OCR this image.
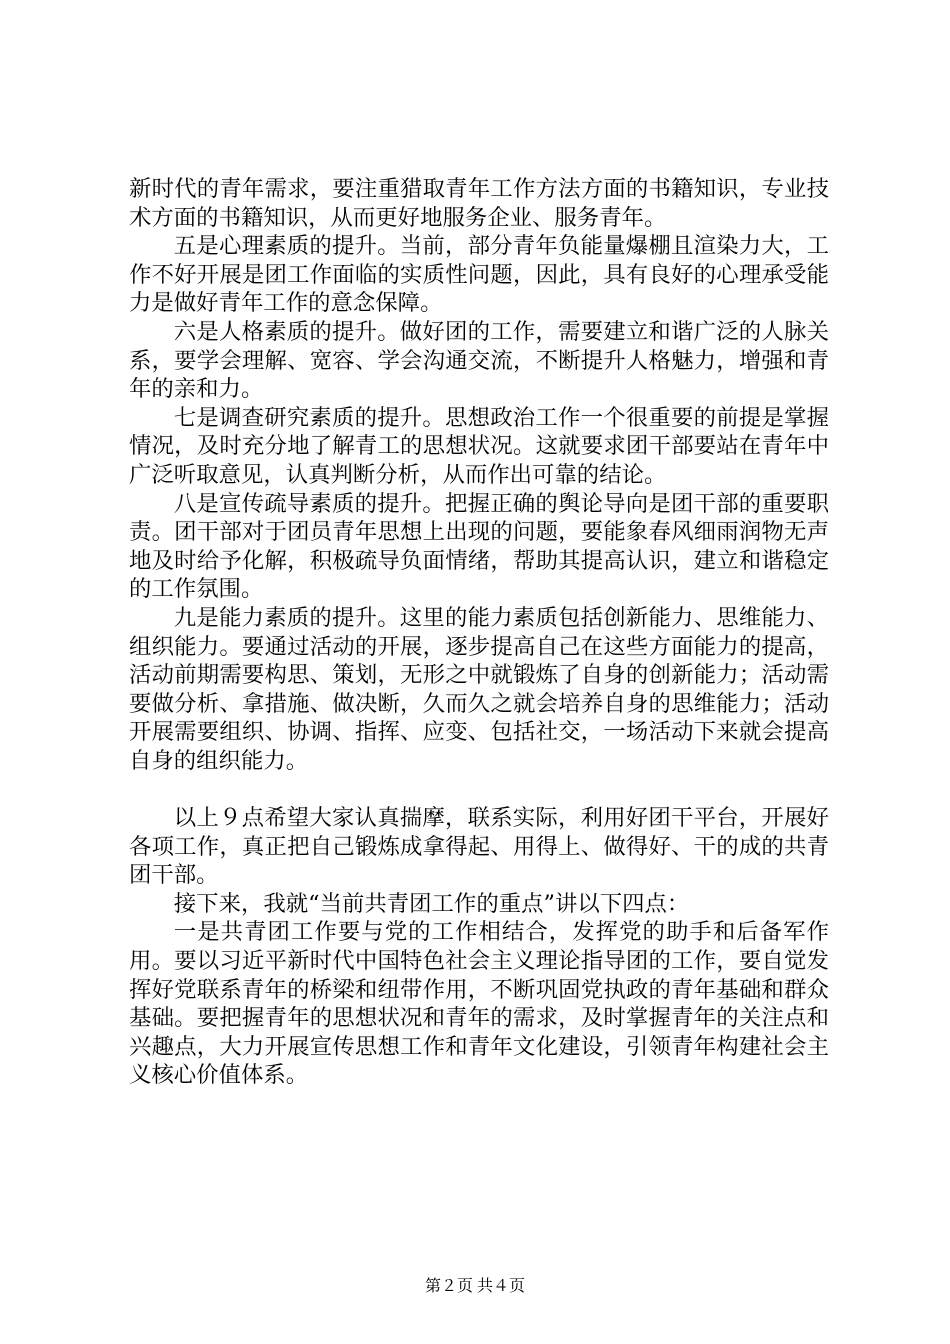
新时代的青年需求，要注重猎取青年工作方法方面的书籍知识，专业技术方面的书籍知识，从而更好地服务企业、服务青年。

五是心理素质的提升。当前，部分青年负能量爆棚且渲染力大，工作不好开展是团工作面临的实质性问题，因此，具有良好的心理承受能力是做好青年工作的意念保障。

六是人格素质的提升。做好团的工作，需要建立和谐广泛的人脉关系，要学会理解、宽容、学会沟通交流，不断提升人格魅力，增强和青年的亲和力。

七是调查研究素质的提升。思想政治工作一个很重要的前提是掌握情况，及时充分地了解青工的思想状况。这就要求团干部要站在青年中广泛听取意见，认真判断分析，从而作出可靠的结论。

八是宣传疏导素质的提升。把握正确的舆论导向是团干部的重要职责。团干部对于团员青年思想上出现的问题，要能象春风细雨润物无声地及时给予化解，积极疏导负面情绪，帮助其提高认识，建立和谐稳定的工作氛围。

九是能力素质的提升。这里的能力素质包括创新能力、思维能力、组织能力。要通过活动的开展，逐步提高自己在这些方面能力的提高，活动前期需要构思、策划，无形之中就锻炼了自身的创新能力；活动需要做分析、拿措施、做决断，久而久之就会培养自身的思维能力；活动开展需要组织、协调、指挥、应变、包括社交，一场活动下来就会提高自身的组织能力。

以上９点希望大家认真揣摩，联系实际，利用好团干平台，开展好各项工作，真正把自己锻炼成拿得起、用得上、做得好、干的成的共青团干部。

接下来，我就“当前共青团工作的重点”讲以下四点：

一是共青团工作要与党的工作相结合，发挥党的助手和后备军作用。要以习近平新时代中国特色社会主义理论指导团的工作，要自觉发挥好党联系青年的桥梁和纽带作用，不断巩固党执政的青年基础和群众基础。要把握青年的思想状况和青年的需求，及时掌握青年的关注点和兴趣点，大力开展宣传思想工作和青年文化建设，引领青年构建社会主义核心价值体系。

第２页 共４页
